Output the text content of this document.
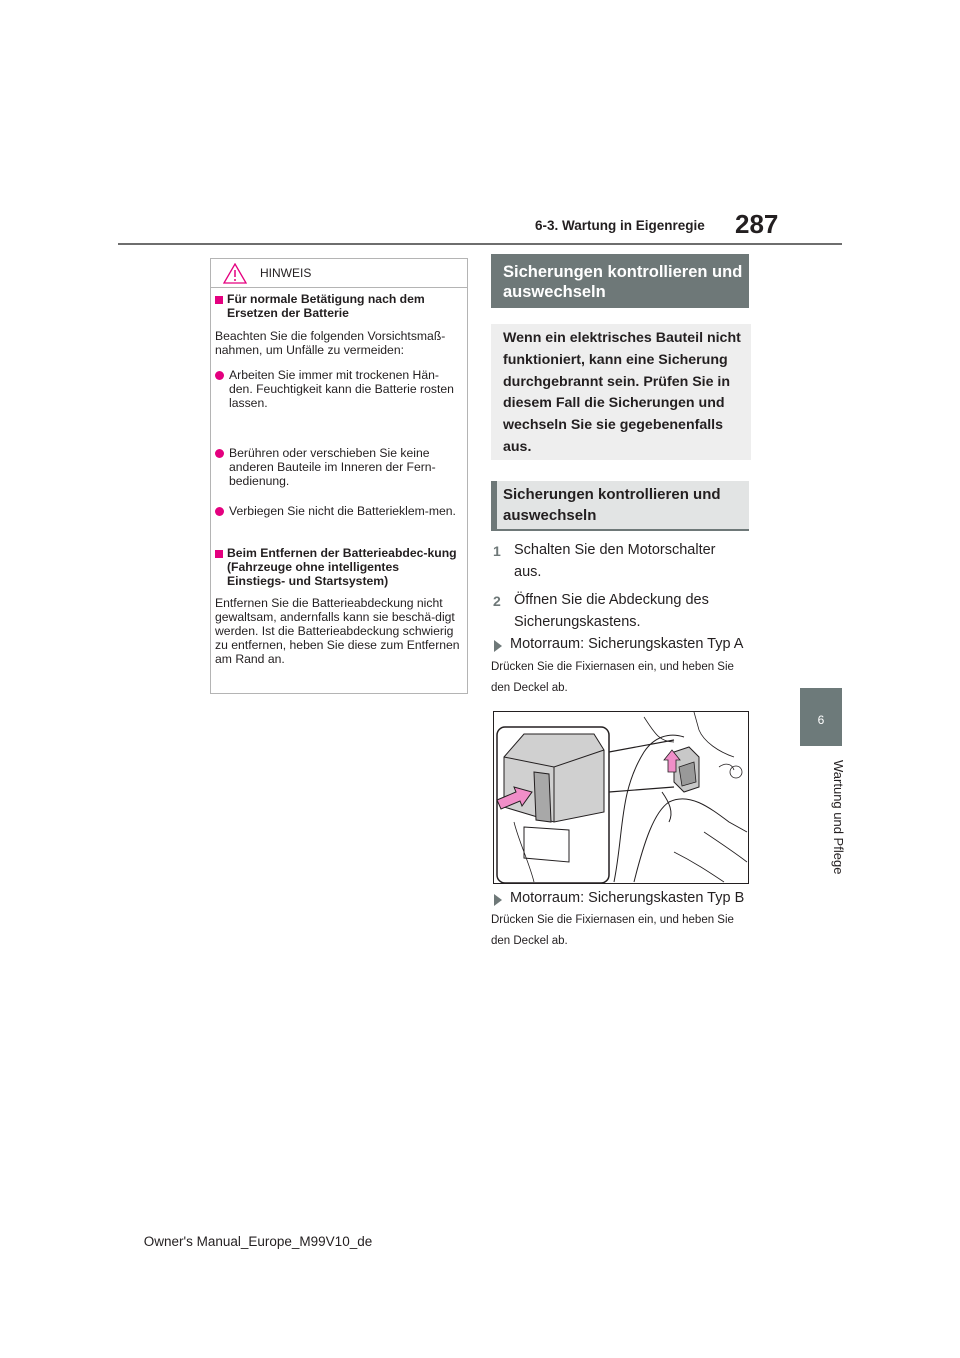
6-3. Wartung in Eigenregie 287
6
Wartung und Pflege
HINWEIS
Für normale Betätigung nach dem Ersetzen der Batterie
Beachten Sie die folgenden Vorsichtsmaß-nahmen, um Unfälle zu vermeiden:
Arbeiten Sie immer mit trockenen Hän-den. Feuchtigkeit kann die Batterie rosten lassen.
Berühren oder verschieben Sie keine anderen Bauteile im Inneren der Fern-bedienung.
Verbiegen Sie nicht die Batterieklem-men.
Beim Entfernen der Batterieabdec-kung (Fahrzeuge ohne intelligentes Einstiegs- und Startsystem)
Entfernen Sie die Batterieabdeckung nicht gewaltsam, andernfalls kann sie beschä-digt werden. Ist die Batterieabdeckung schwierig zu entfernen, heben Sie diese zum Entfernen am Rand an.
Sicherungen kontrollieren und auswechseln
Wenn ein elektrisches Bauteil nicht funktioniert, kann eine Sicherung durchgebrannt sein. Prüfen Sie in diesem Fall die Sicherungen und wechseln Sie sie gegebenenfalls aus.
Sicherungen kontrollieren und auswechseln
1 Schalten Sie den Motorschalter aus.
2 Öffnen Sie die Abdeckung des Sicherungskastens.
Motorraum: Sicherungskasten Typ A
Drücken Sie die Fixiernasen ein, und heben Sie den Deckel ab.
Motorraum: Sicherungskasten Typ B
Drücken Sie die Fixiernasen ein, und heben Sie den Deckel ab.
Owner's Manual_Europe_M99V10_de
